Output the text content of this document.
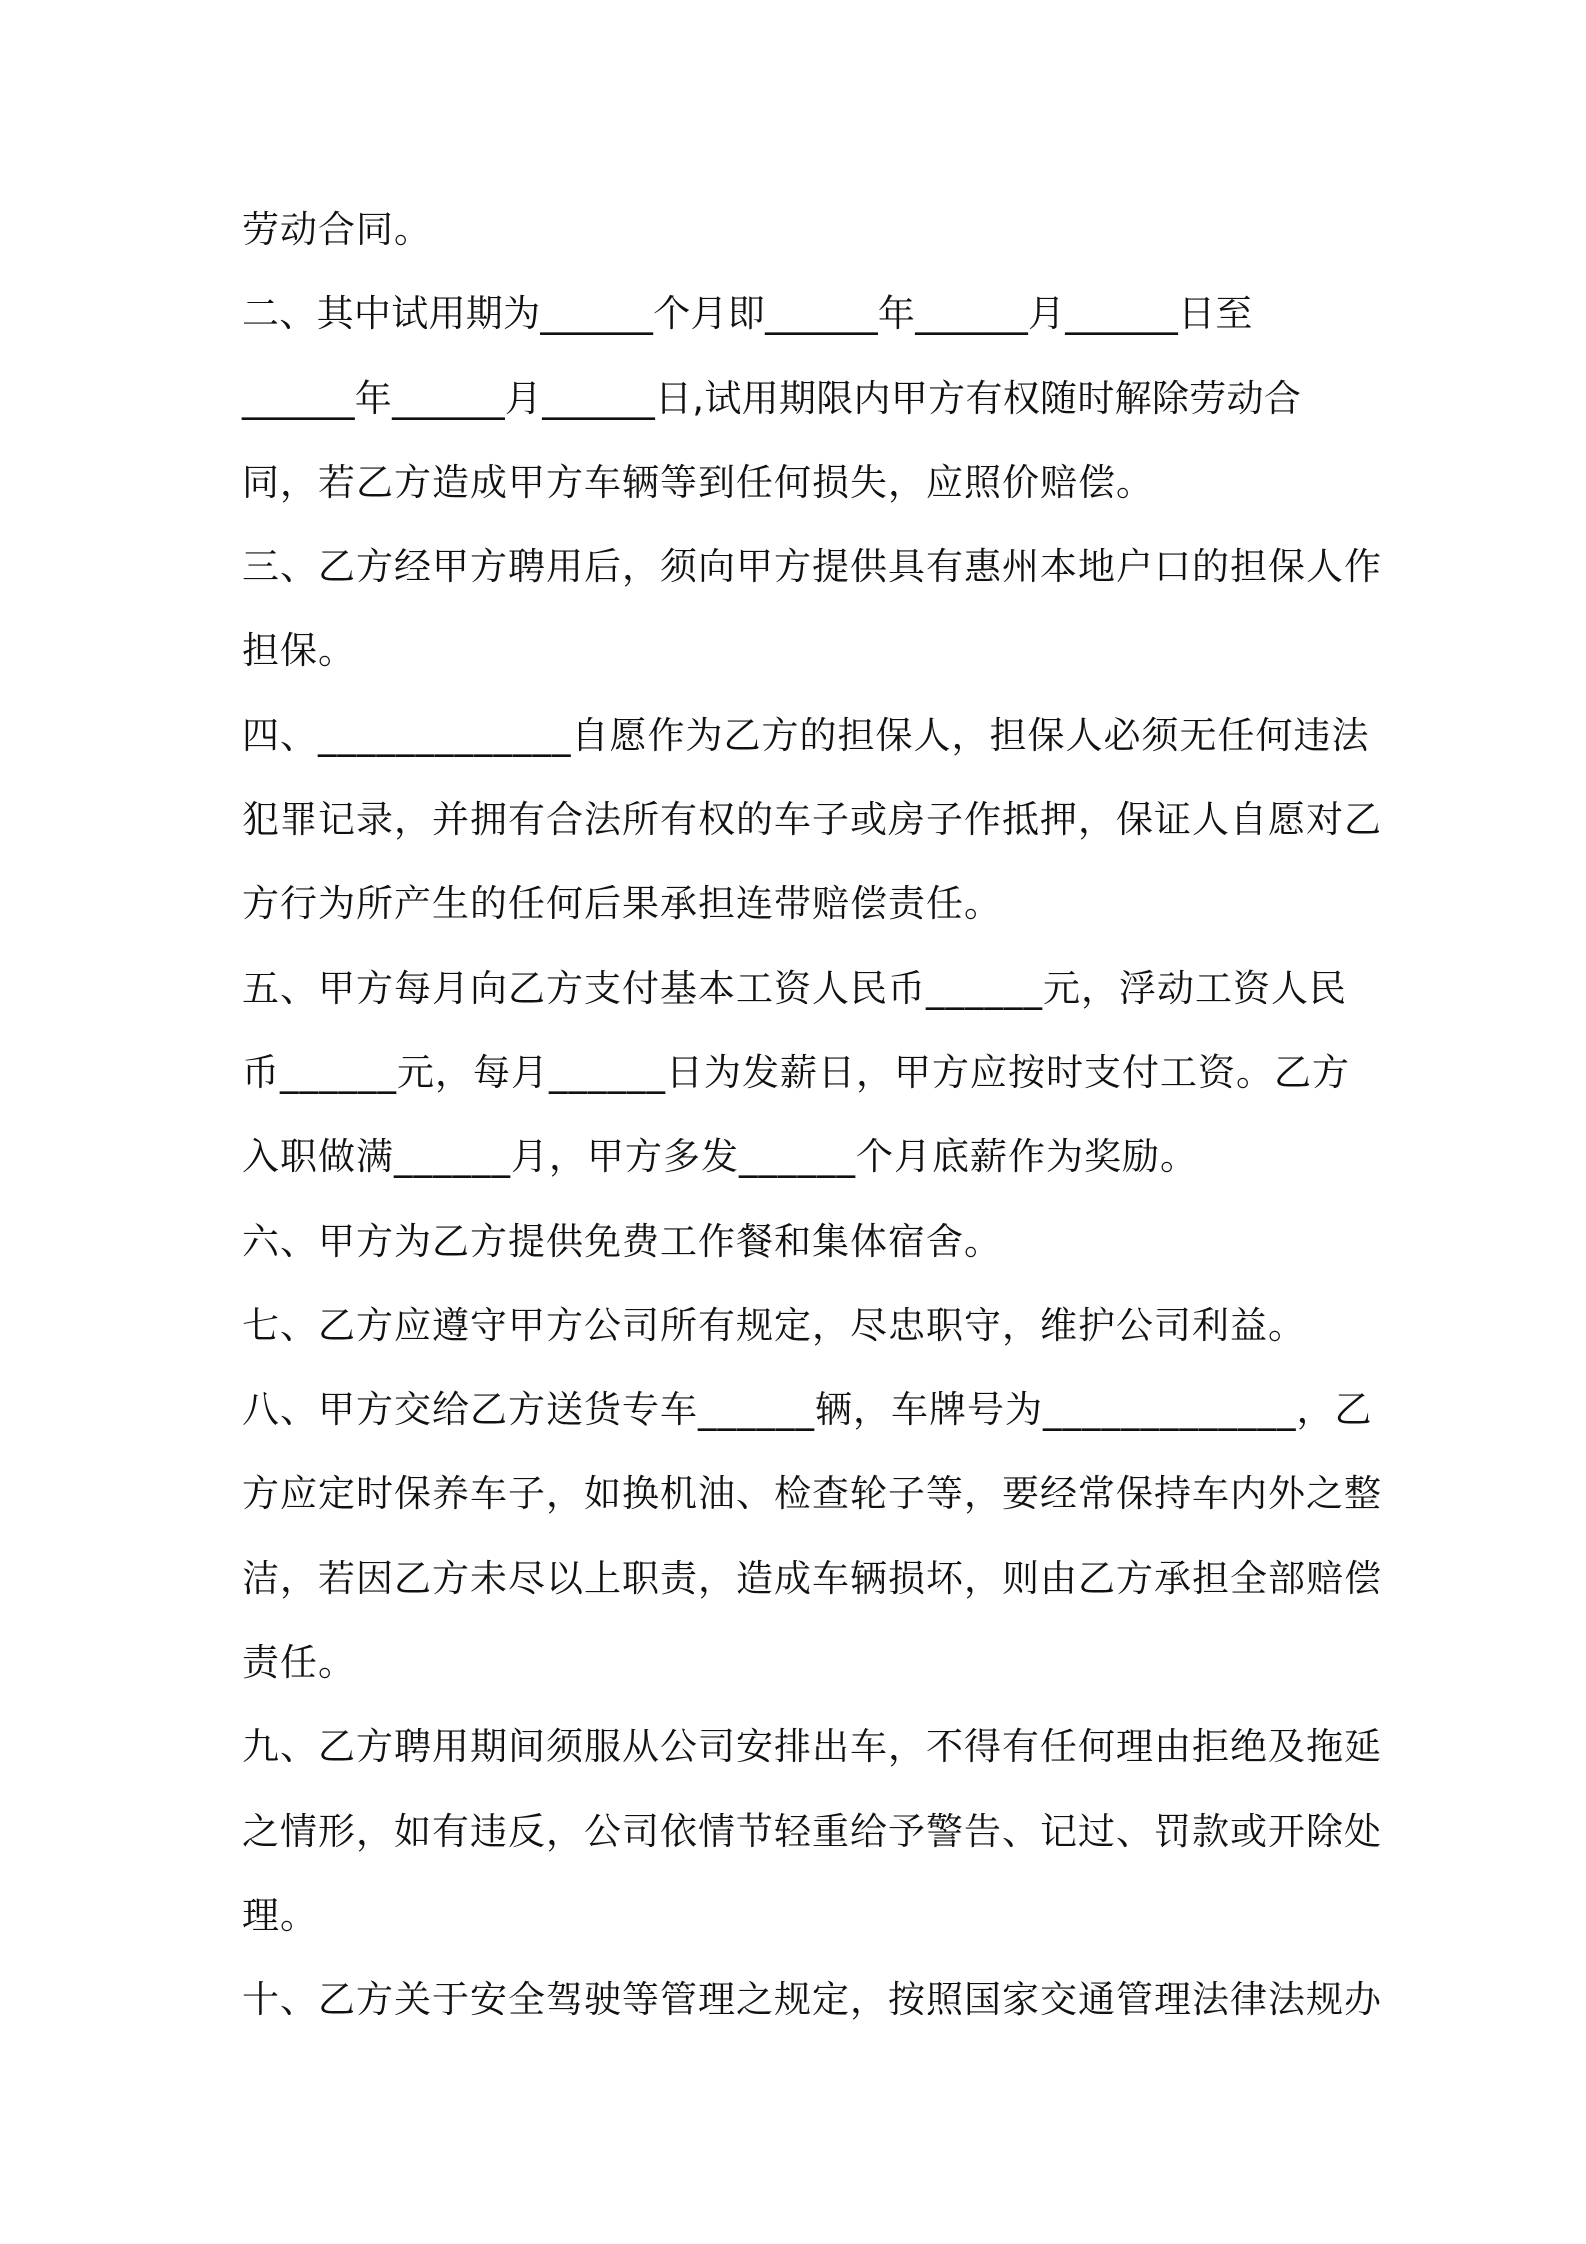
劳动合同。
二、其中试用期为______个月即______年______月______日至
______年______月______日,试用期限内甲方有权随时解除劳动合
同，若乙方造成甲方车辆等到任何损失，应照价赔偿。
三、乙方经甲方聘用后，须向甲方提供具有惠州本地户口的担保人作
担保。
四、_____________自愿作为乙方的担保人，担保人必须无任何违法
犯罪记录，并拥有合法所有权的车子或房子作抵押，保证人自愿对乙
方行为所产生的任何后果承担连带赔偿责任。
五、甲方每月向乙方支付基本工资人民币______元，浮动工资人民
币______元，每月______日为发薪日，甲方应按时支付工资。乙方
入职做满______月，甲方多发______个月底薪作为奖励。
六、甲方为乙方提供免费工作餐和集体宿舍。
七、乙方应遵守甲方公司所有规定，尽忠职守，维护公司利益。
八、甲方交给乙方送货专车______辆，车牌号为_____________，乙
方应定时保养车子，如换机油、检查轮子等，要经常保持车内外之整
洁，若因乙方未尽以上职责，造成车辆损坏，则由乙方承担全部赔偿
责任。
九、乙方聘用期间须服从公司安排出车，不得有任何理由拒绝及拖延
之情形，如有违反，公司依情节轻重给予警告、记过、罚款或开除处
理。
十、乙方关于安全驾驶等管理之规定，按照国家交通管理法律法规办
